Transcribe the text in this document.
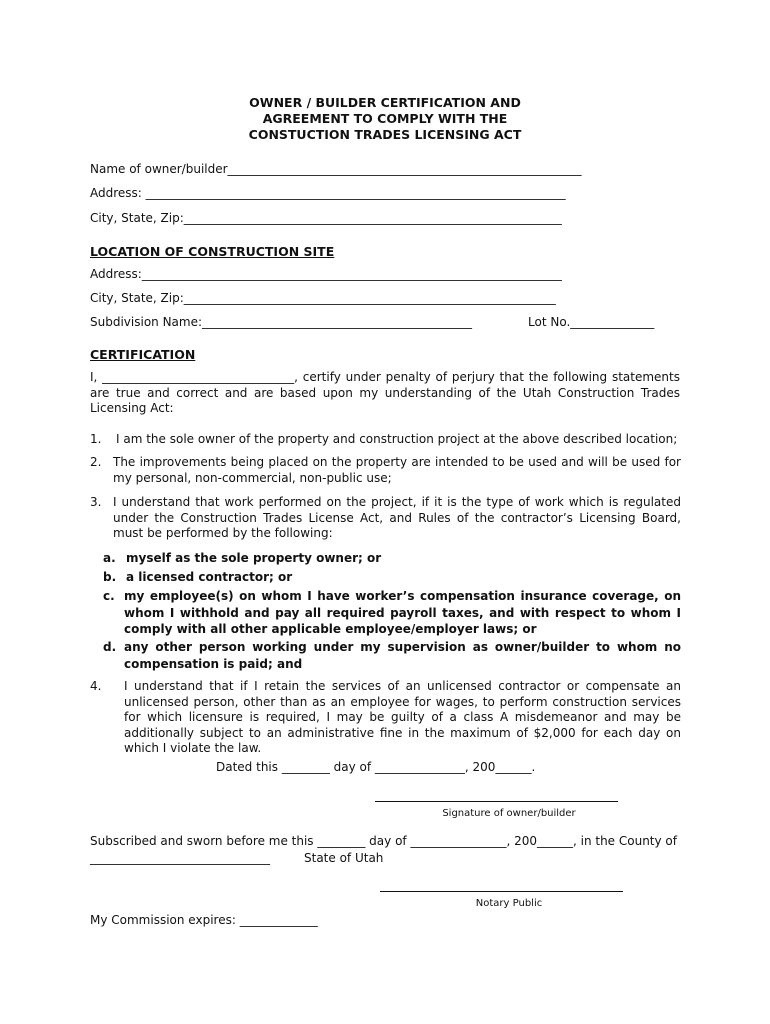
OWNER / BUILDER CERTIFICATION AND
AGREEMENT TO COMPLY WITH THE
CONSTUCTION TRADES LICENSING ACT
Name of owner/builder___________________________________________________________
Address: ______________________________________________________________________
City, State, Zip:_______________________________________________________________
LOCATION OF CONSTRUCTION SITE
Address:______________________________________________________________________
City, State, Zip:______________________________________________________________
Subdivision Name:_____________________________________________	Lot No.______________
CERTIFICATION
I, ________________________________, certify under penalty of perjury that the following statements are true and correct and are based upon my understanding of the Utah Construction Trades Licensing Act:
1. I am the sole owner of the property and construction project at the above described location;
2. The improvements being placed on the property are intended to be used and will be used for my personal, non-commercial, non-public use;
3. I understand that work performed on the project, if it is the type of work which is regulated under the Construction Trades License Act, and Rules of the contractor’s Licensing Board, must be performed by the following:
a. myself as the sole property owner; or
b. a licensed contractor; or
c. my employee(s) on whom I have worker’s compensation insurance coverage, on whom I withhold and pay all required payroll taxes, and with respect to whom I comply with all other applicable employee/employer laws; or
d. any other person working under my supervision as owner/builder to whom no compensation is paid; and
4. I understand that if I retain the services of an unlicensed contractor or compensate an unlicensed person, other than as an employee for wages, to perform construction services for which licensure is required, I may be guilty of a class A misdemeanor and may be additionally subject to an administrative fine in the maximum of $2,000 for each day on which I violate the law.
Dated this ________ day of _______________, 200______.
Signature of owner/builder
Subscribed and sworn before me this ________ day of ________________, 200______, in the County of
______________________________	State of Utah
Notary Public
My Commission expires: _____________
